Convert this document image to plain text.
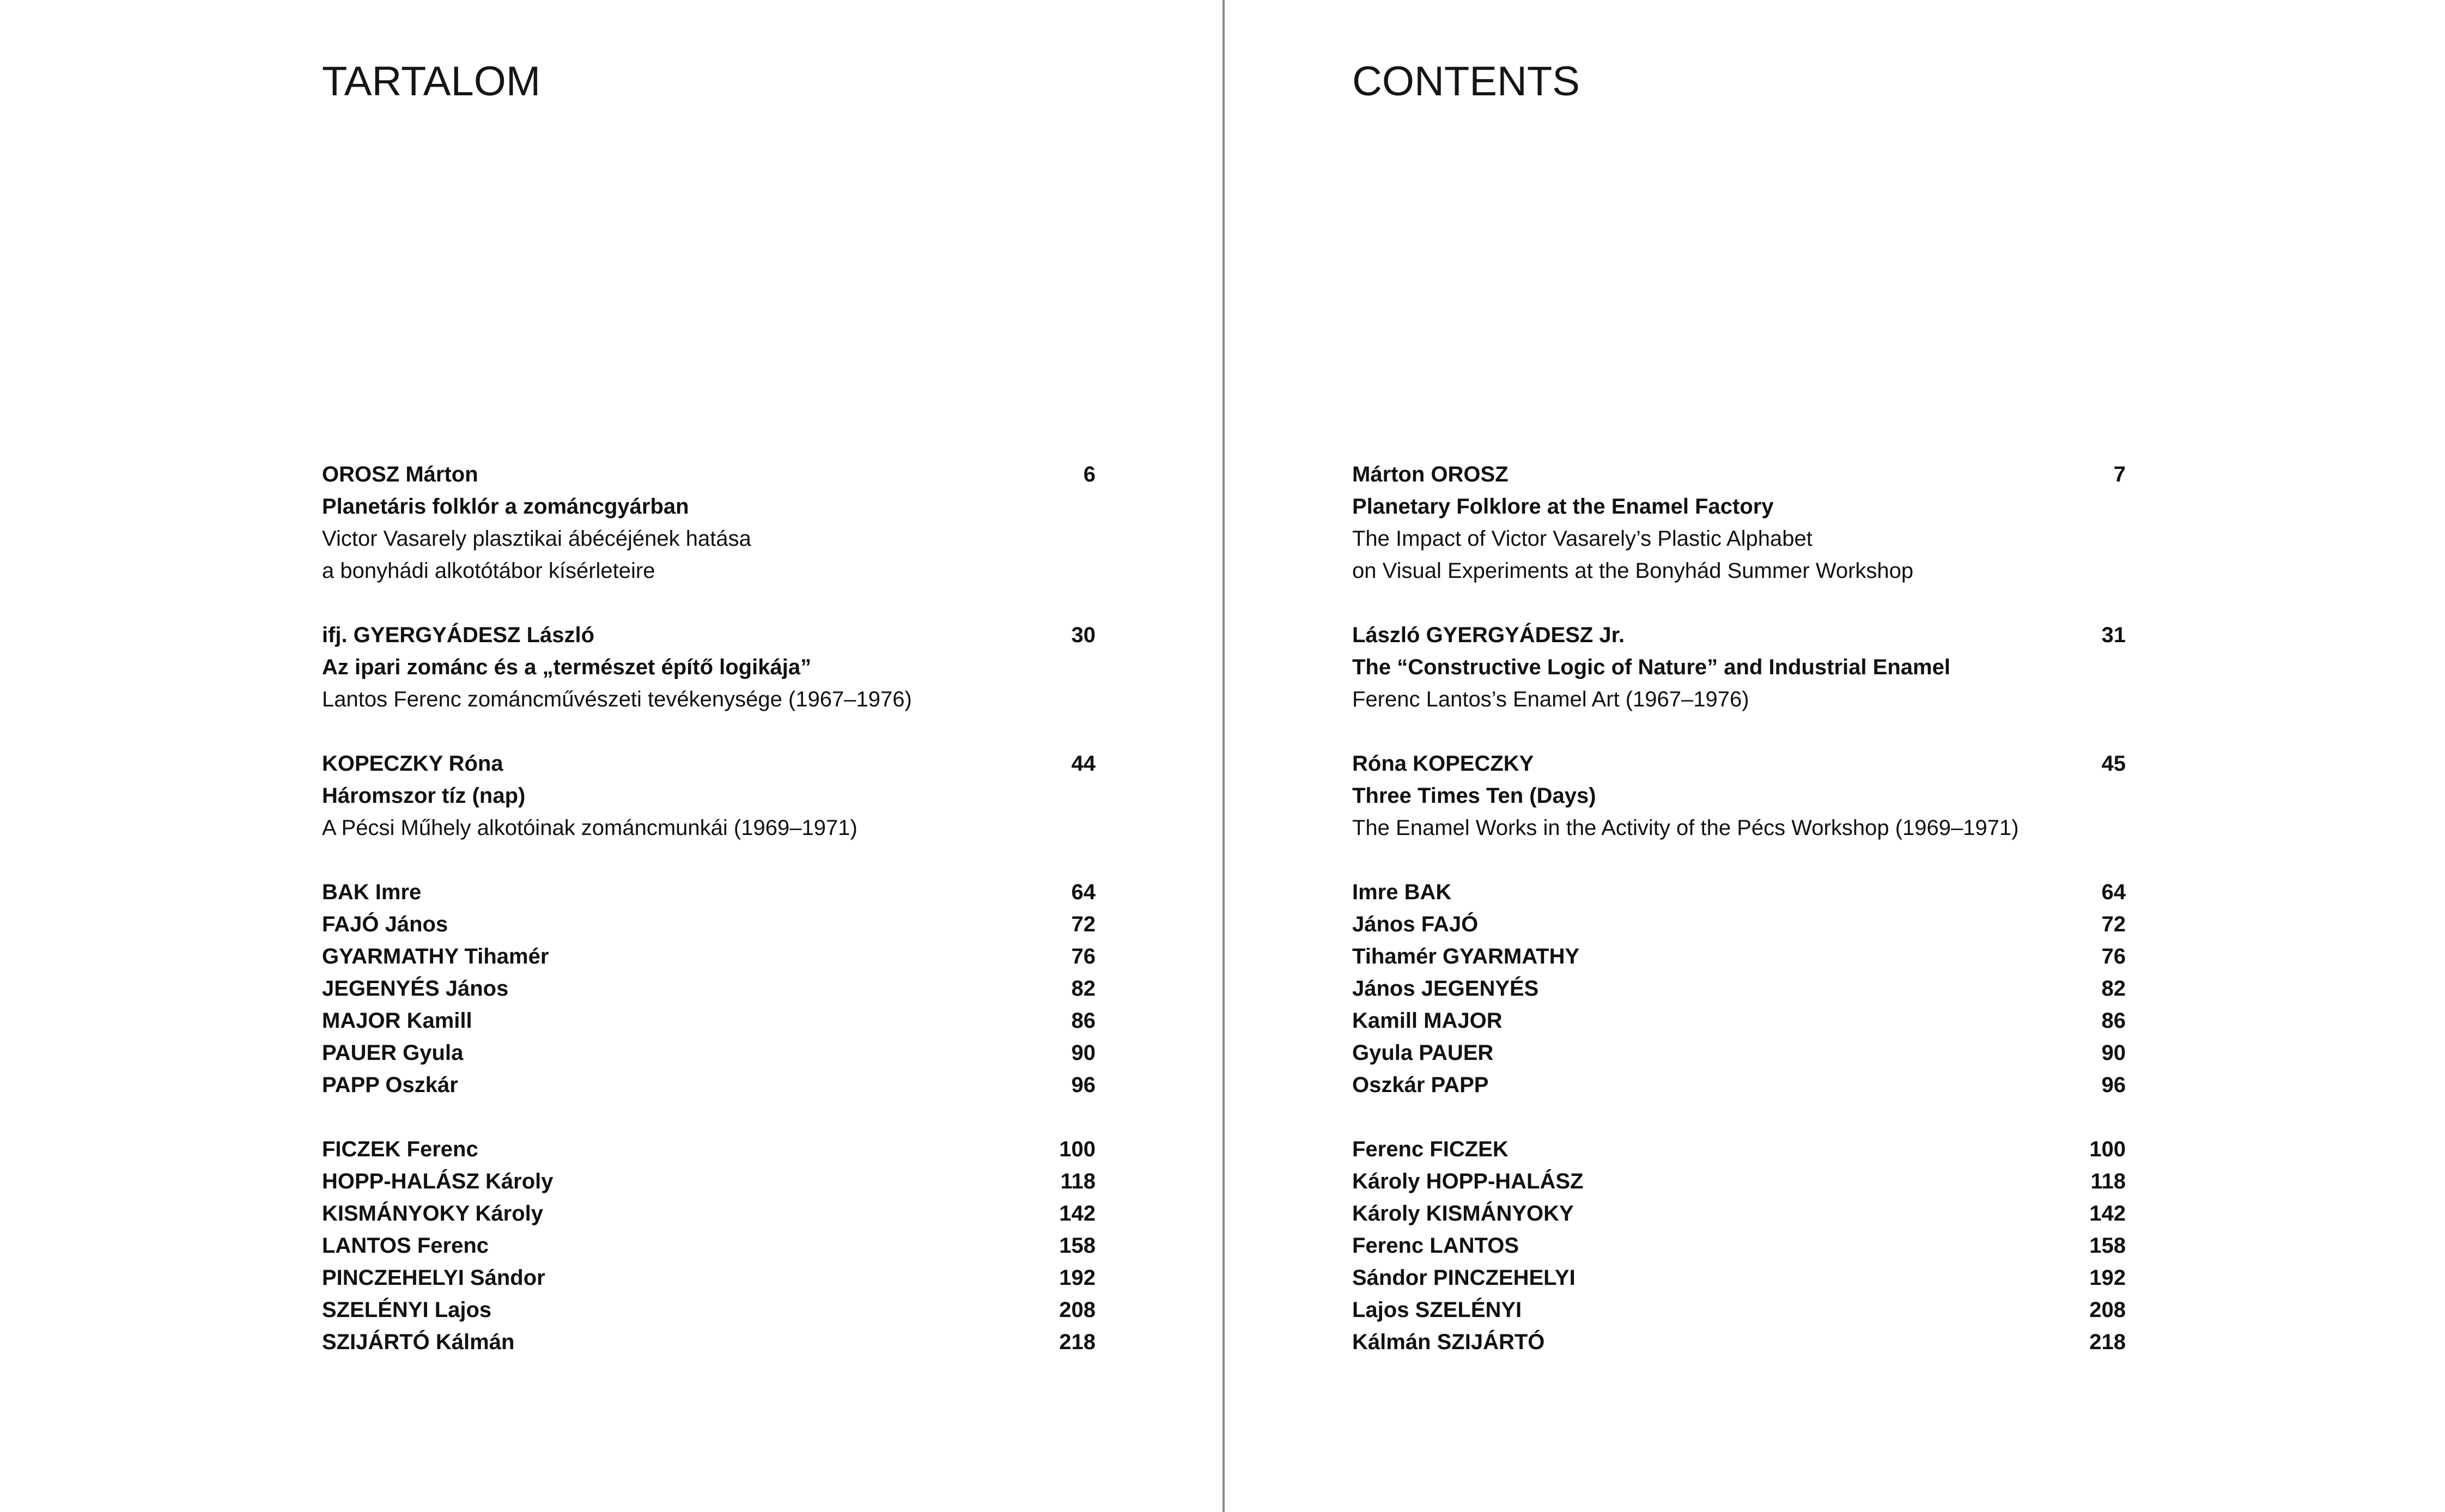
TARTALOM
OROSZ Márton	6
Planetáris folklór a zománcgyárban
Victor Vasarely plasztikai ábécéjének hatása
a bonyhádi alkotótábor kísérleteire
ifj. GYERGYÁDESZ László	30
Az ipari zománc és a „természet építő logikája”
Lantos Ferenc zománcművészeti tevékenysége (1967–1976)
KOPECZKY Róna	44
Háromszor tíz (nap)
A Pécsi Műhely alkotóinak zománcmunkái (1969–1971)
BAK Imre	64
FAJÓ János	72
GYARMATHY Tihamér	76
JEGENYÉS János	82
MAJOR Kamill	86
PAUER Gyula	90
PAPP Oszkár	96
FICZEK Ferenc	100
HOPP-HALÁSZ Károly	118
KISMÁNYOKY Károly	142
LANTOS Ferenc	158
PINCZEHELYI Sándor	192
SZELÉNYI Lajos	208
SZIJÁRTÓ Kálmán	218
CONTENTS
Márton OROSZ	7
Planetary Folklore at the Enamel Factory
The Impact of Victor Vasarely’s Plastic Alphabet
on Visual Experiments at the Bonyhád Summer Workshop
László GYERGYÁDESZ Jr.	31
The “Constructive Logic of Nature” and Industrial Enamel
Ferenc Lantos’s Enamel Art (1967–1976)
Róna KOPECZKY	45
Three Times Ten (Days)
The Enamel Works in the Activity of the Pécs Workshop (1969–1971)
Imre BAK	64
János FAJÓ	72
Tihamér GYARMATHY	76
János JEGENYÉS	82
Kamill MAJOR	86
Gyula PAUER	90
Oszkár PAPP	96
Ferenc FICZEK	100
Károly HOPP-HALÁSZ	118
Károly KISMÁNYOKY	142
Ferenc LANTOS	158
Sándor PINCZEHELYI	192
Lajos SZELÉNYI	208
Kálmán SZIJÁRTÓ	218
